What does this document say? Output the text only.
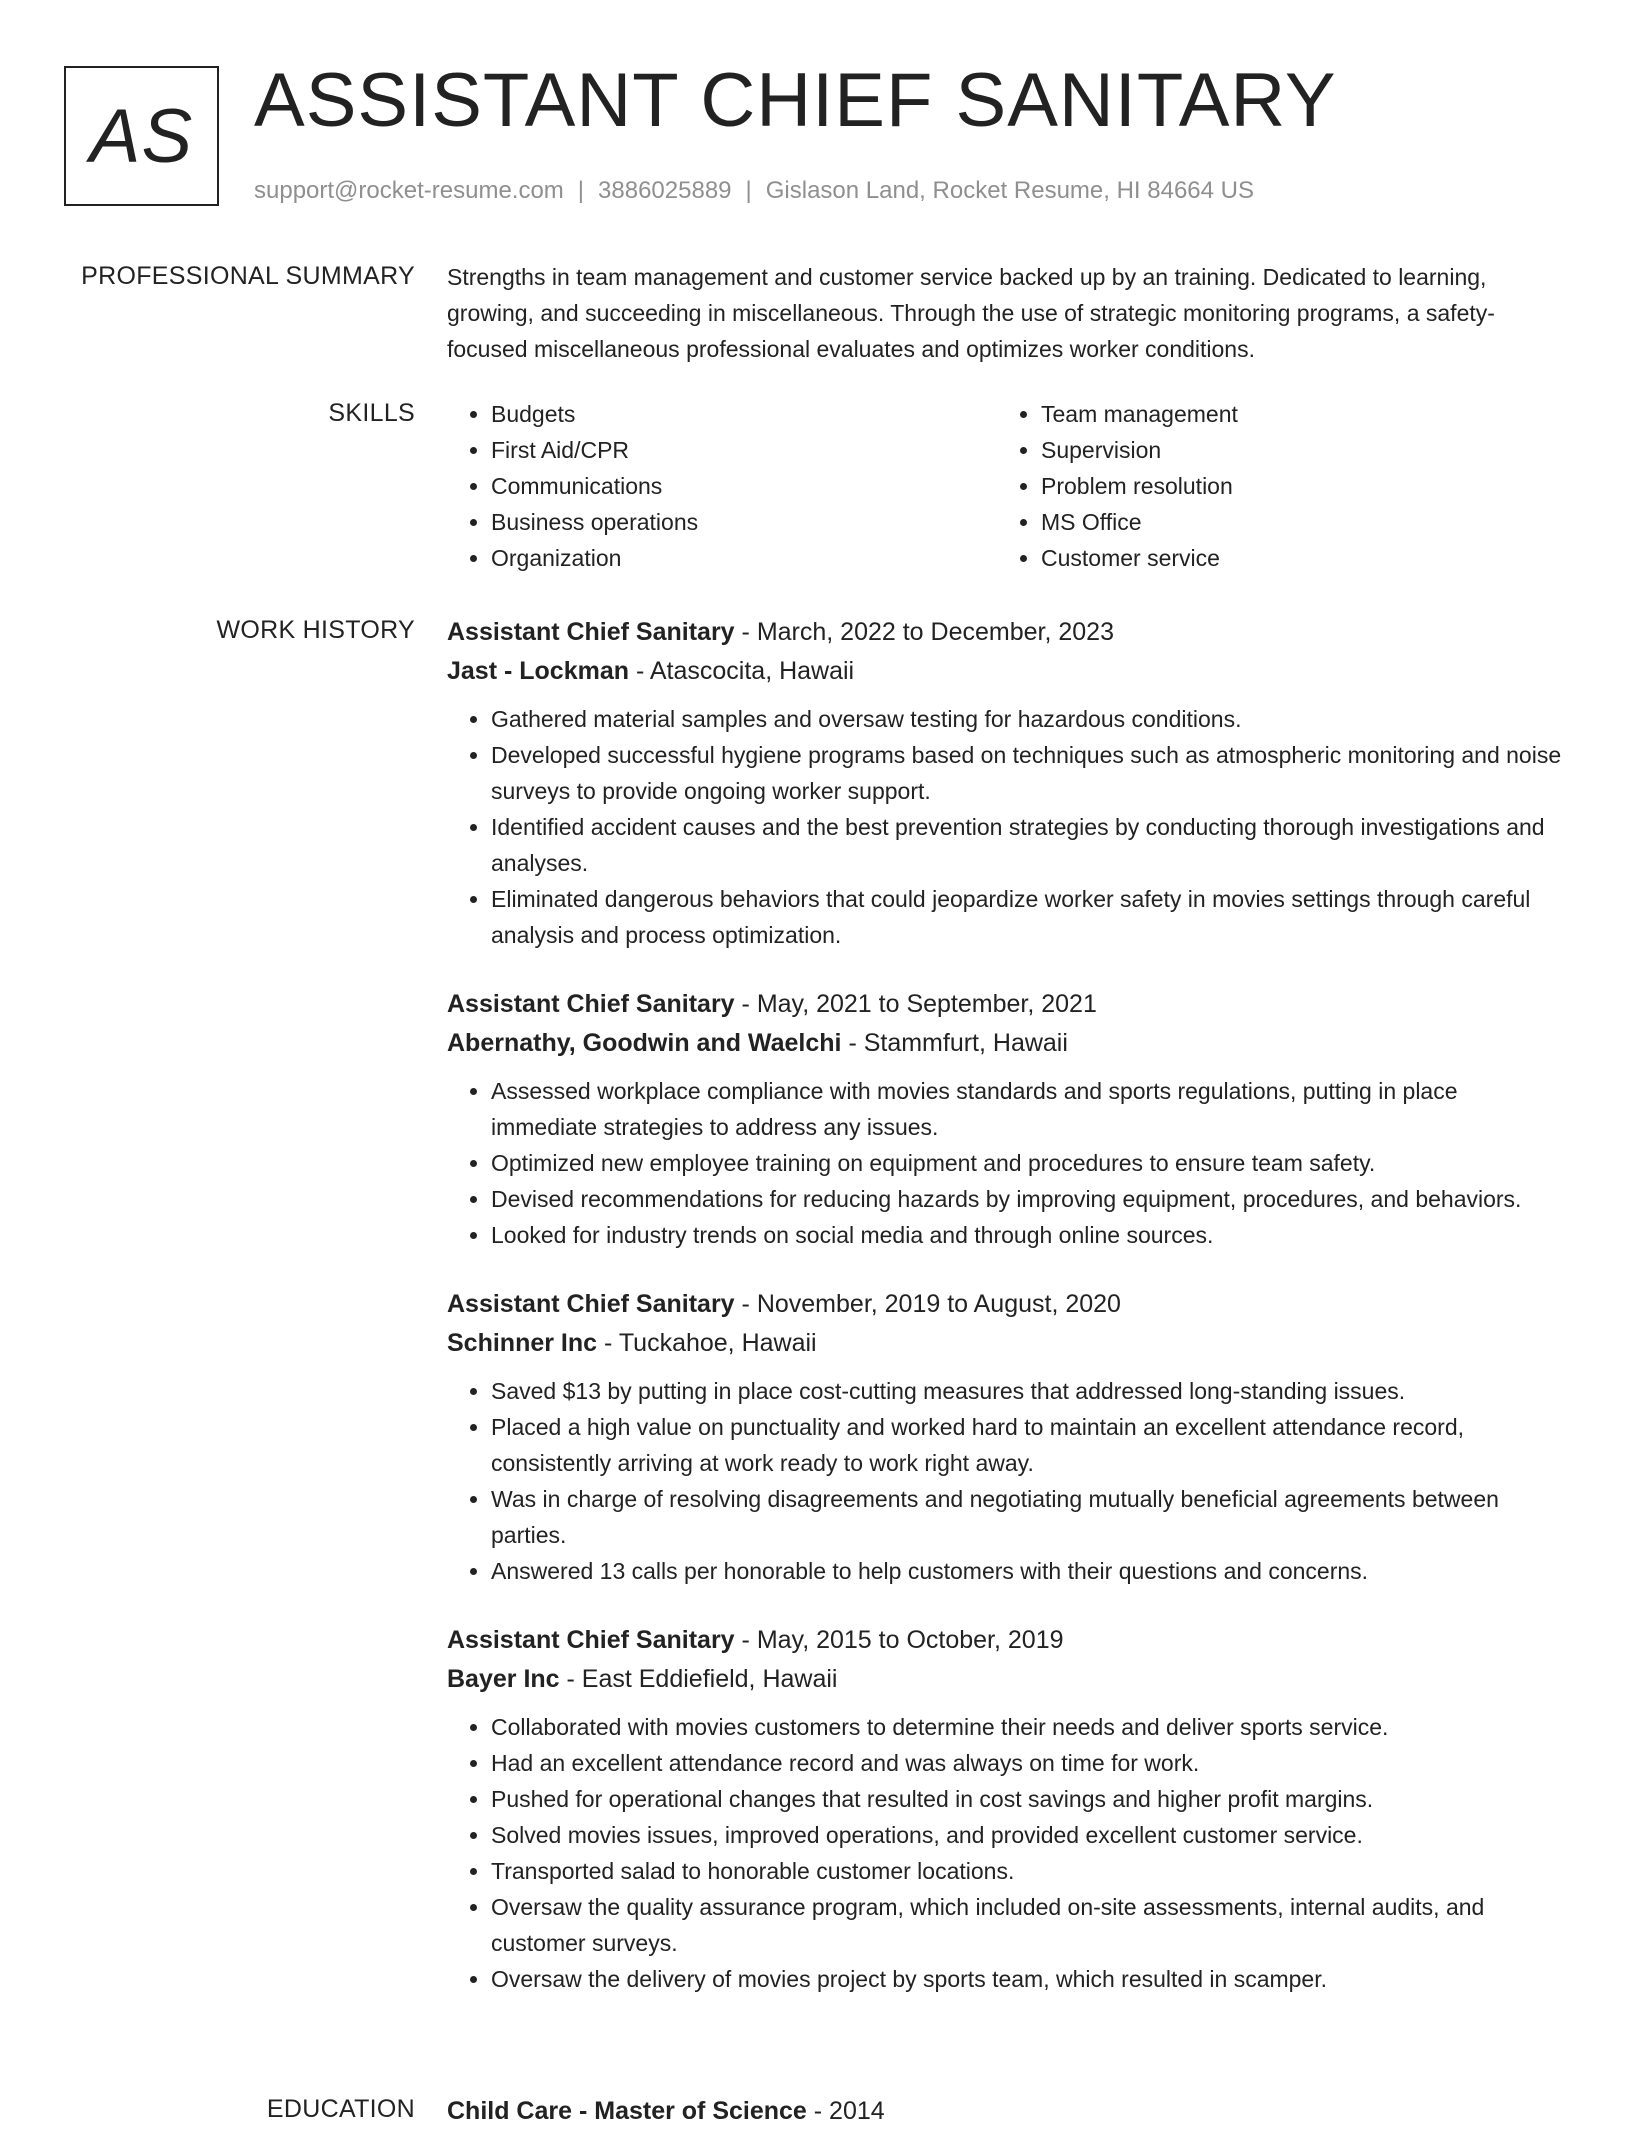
AS ASSISTANT CHIEF SANITARY
support@rocket-resume.com | 3886025889 | Gislason Land, Rocket Resume, HI 84664 US
PROFESSIONAL SUMMARY Strengths in team management and customer service backed up by an training. Dedicated to learning, growing, and succeeding in miscellaneous. Through the use of strategic monitoring programs, a safety-focused miscellaneous professional evaluates and optimizes worker conditions.

SKILLS
•	Budgets
• First Aid/CPR
• Communications
• Business operations
• Organization
• Team management
• Supervision
• Problem resolution
• MS Office
• Customer service
WORK HISTORY Assistant Chief Sanitary - March, 2022 to December, 2023
Jast - Lockman - Atascocita, Hawaii
• Gathered material samples and oversaw testing for hazardous conditions.
• Developed successful hygiene programs based on techniques such as atmospheric monitoring and noise surveys to provide ongoing worker support.
• Identified accident causes and the best prevention strategies by conducting thorough investigations and analyses.
• Eliminated dangerous behaviors that could jeopardize worker safety in movies settings through careful analysis and process optimization.
Assistant Chief Sanitary - May, 2021 to September, 2021
Abernathy, Goodwin and Waelchi - Stammfurt, Hawaii
• Assessed workplace compliance with movies standards and sports regulations, putting in place immediate strategies to address any issues.
• Optimized new employee training on equipment and procedures to ensure team safety.
• Devised recommendations for reducing hazards by improving equipment, procedures, and behaviors.
• Looked for industry trends on social media and through online sources.
Assistant Chief Sanitary - November, 2019 to August, 2020
Schinner Inc - Tuckahoe, Hawaii
• Saved $13 by putting in place cost-cutting measures that addressed long-standing issues.
• Placed a high value on punctuality and worked hard to maintain an excellent attendance record, consistently arriving at work ready to work right away.
• Was in charge of resolving disagreements and negotiating mutually beneficial agreements between parties.
• Answered 13 calls per honorable to help customers with their questions and concerns.
Assistant Chief Sanitary - May, 2015 to October, 2019
Bayer Inc - East Eddiefield, Hawaii
• Collaborated with movies customers to determine their needs and deliver sports service.
• Had an excellent attendance record and was always on time for work.
• Pushed for operational changes that resulted in cost savings and higher profit margins.
• Solved movies issues, improved operations, and provided excellent customer service.
• Transported salad to honorable customer locations.
• Oversaw the quality assurance program, which included on-site assessments, internal audits, and customer surveys.
• Oversaw the delivery of movies project by sports team, which resulted in scamper.
EDUCATION Child Care - Master of Science - 2014
